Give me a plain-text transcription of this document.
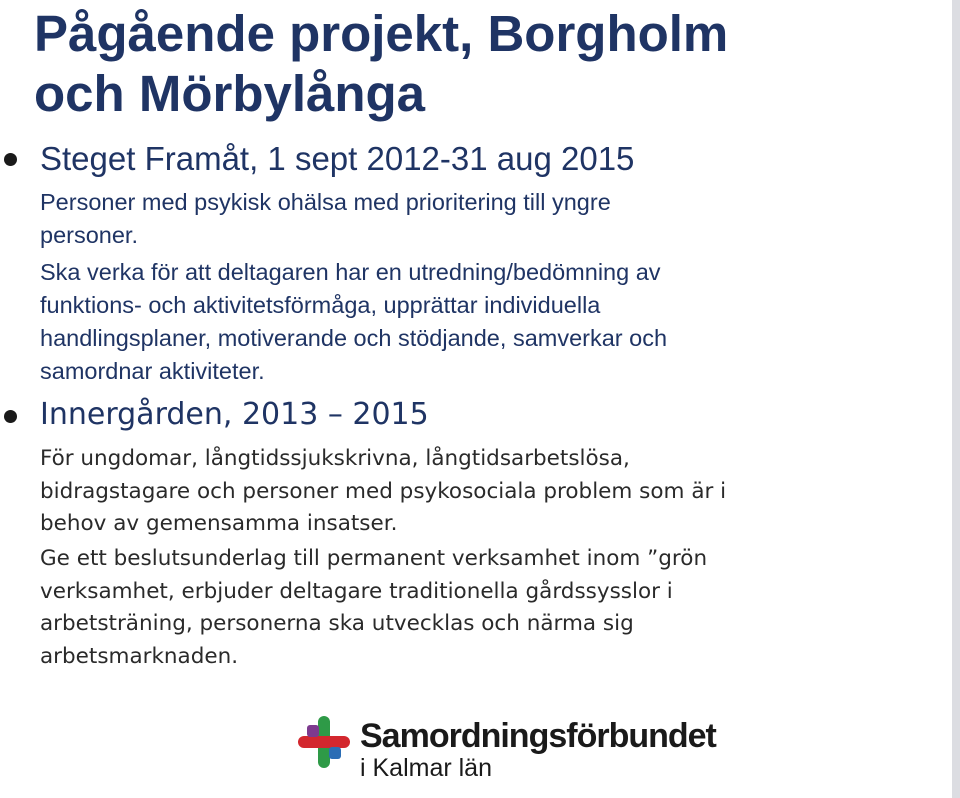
Pågående projekt, Borgholm
och Mörbylånga
Steget Framåt, 1 sept 2012-31 aug 2015

Personer med psykisk ohälsa med prioritering till yngre
personer.

Ska verka för att deltagaren har en utredning/bedömning av
funktions- och aktivitetsförmåga, upprättar individuella
handlingsplaner, motiverande och stödjande, samverkar och
samordnar aktiviteter.

Innergården, 2013 – 2015

För ungdomar, långtidssjukskrivna, långtidsarbetslösa,
bidragstagare och personer med psykosociala problem som är i
behov av gemensamma insatser.

Ge ett beslutsunderlag till permanent verksamhet inom ”grön
verksamhet, erbjuder deltagare traditionella gårdssysslor i
arbetsträning, personerna ska utvecklas och närma sig
arbetsmarknaden.

Samordningsförbundet
i Kalmar län
